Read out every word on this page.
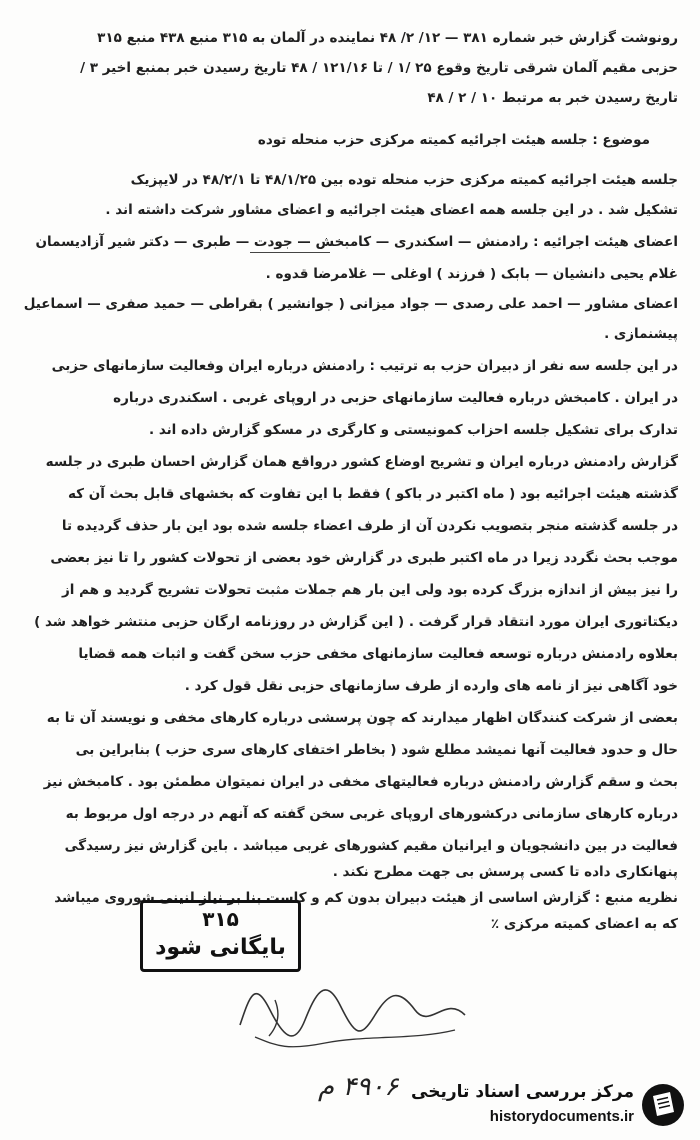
رونوشت گزارش خبر شماره ۳۸۱ — ۱۲/ ۲/ ۴۸ نماینده در آلمان به ۳۱۵ منبع ۴۳۸ منبع ۳۱۵
حزبی مقیم آلمان شرقی تاریخ وقوع ۲۵ /۱ / تا ۱۲۱/۱۶ / ۴۸ تاریخ رسیدن خبر بمنبع اخیر ۳ /
تاریخ رسیدن خبر به مرتبط ۱۰ / ۲ / ۴۸
موضوع : جلسه هیئت اجرائیه کمیته مرکزی حزب منحله توده
جلسه هیئت اجرائیه کمیته مرکزی حزب منحله توده بین ۴۸/۱/۲۵ تا ۴۸/۲/۱ در لایپزیک
تشکیل شد . در این جلسه همه اعضای هیئت اجرائیه و اعضای مشاور شرکت داشته اند .
اعضای هیئت اجرائیه : رادمنش — اسکندری — کامبخش — جودت — طبری — دکتر شیر آزادیسمان
غلام یحیی دانشیان — بابک ( فرزند ) اوغلی — غلامرضا قدوه .
اعضای مشاور — احمد علی رصدی — جواد میزانی ( جوانشیر ) بقراطی — حمید صفری — اسماعیل
پیشنمازی .
در این جلسه سه نفر از دبیران حزب به ترتیب : رادمنش درباره ایران وفعالیت سازمانهای حزبی
در ایران . کامبخش درباره فعالیت سازمانهای حزبی در اروپای غربی . اسکندری درباره
تدارک برای تشکیل جلسه احزاب کمونیستی و کارگری در مسکو گزارش داده اند .
گزارش رادمنش درباره ایران و تشریح اوضاع کشور درواقع همان گزارش احسان طبری در جلسه
گذشته هیئت اجرائیه بود ( ماه اکتبر در باکو ) فقط با این تفاوت که بخشهای قابل بحث آن که
در جلسه گذشته منجر بتصویب نکردن آن از طرف اعضاء جلسه شده بود این بار حذف گردیده تا
موجب بحث نگردد زیرا در ماه اکتبر طبری در گزارش خود بعضی از تحولات کشور را تا نیز بعضی
را نیز بیش از اندازه بزرگ کرده بود ولی این بار هم جملات مثبت تحولات تشریح گردید و هم از
دیکتاتوری ایران مورد انتقاد قرار گرفت . ( این گزارش در روزنامه ارگان حزبی منتشر خواهد شد )
بعلاوه رادمنش درباره توسعه فعالیت سازمانهای مخفی حزب سخن گفت و اثبات همه قضایا
خود آگاهی نیز از نامه های وارده از طرف سازمانهای حزبی نقل قول کرد .
بعضی از شرکت کنندگان اظهار میدارند که چون پرسشی درباره کارهای مخفی و نویسند آن تا به
حال و حدود فعالیت آنها نمیشد مطلع شود ( بخاطر اختفای کارهای سری حزب ) بنابراین بی
بحث و سقم گزارش رادمنش درباره فعالیتهای مخفی در ایران نمیتوان مطمئن بود . کامبخش نیز
درباره کارهای سازمانی درکشورهای اروپای غربی سخن گفته که آنهم در درجه اول مربوط به
فعالیت در بین دانشجویان و ایرانیان مقیم کشورهای غربی میباشد . باین گزارش نیز رسیدگی
پنهانکاری داده تا کسی پرسش بی جهت مطرح نکند .
نظریه منبع : گزارش اساسی از هیئت دبیران بدون کم و کاست بنا بر نیاز لنینی شوروی میباشد
که به اعضای کمیته مرکزی ٪
۳۱۵
بایگانی شود
۴۹۰۶ م مرکز بررسی اسناد تاریخی
historydocuments.ir
